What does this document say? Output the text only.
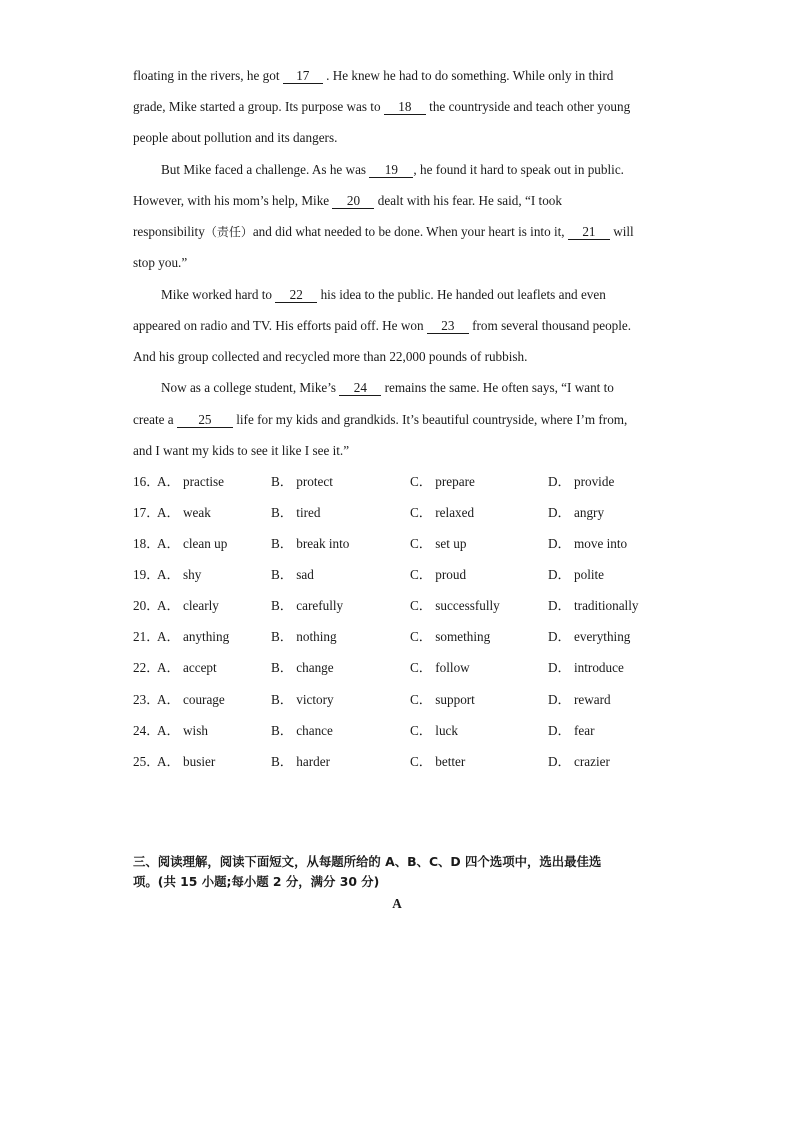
floating in the rivers, he got 17 . He knew he had to do something. While only in third
grade, Mike started a group. Its purpose was to 18 the countryside and teach other young
people about pollution and its dangers.
But Mike faced a challenge. As he was 19 , he found it hard to speak out in public.
However, with his mom’s help, Mike 20 dealt with his fear. He said, “I took
responsibility（责任）and did what needed to be done. When your heart is into it, 21 will
stop you.”
Mike worked hard to 22 his idea to the public. He handed out leaflets and even
appeared on radio and TV. His efforts paid off. He won 23 from several thousand people.
And his group collected and recycled more than 22,000 pounds of rubbish.
Now as a college student, Mike’s 24 remains the same. He often says, “I want to
create a 25 life for my kids and grandkids. It’s beautiful countryside, where I’m from,
and I want my kids to see it like I see it.”
16．
A． practise	B． protect	C． prepare	D． provide
17．
A． weak	B． tired	C． relaxed	D． angry
18．
A． clean up	B． break into	C． set up	D． move into
19．
A． shy	B． sad	C． proud	D． polite
20．
A． clearly	B． carefully	C． successfully	D． traditionally
21．
A． anything	B． nothing	C． something	D． everything
22．
A． accept	B． change	C． follow	D． introduce
23．
A． courage	B． victory	C． support	D． reward
24．
A． wish	B． chance	C． luck	D． fear
25．
A． busier	B． harder	C． better	D． crazier
三、阅读理解，阅读下面短文，从每题所给的 A、B、C、D 四个选项中，选出最佳选
项。(共 15 小题;每小题 2 分，满分 30 分)
A
